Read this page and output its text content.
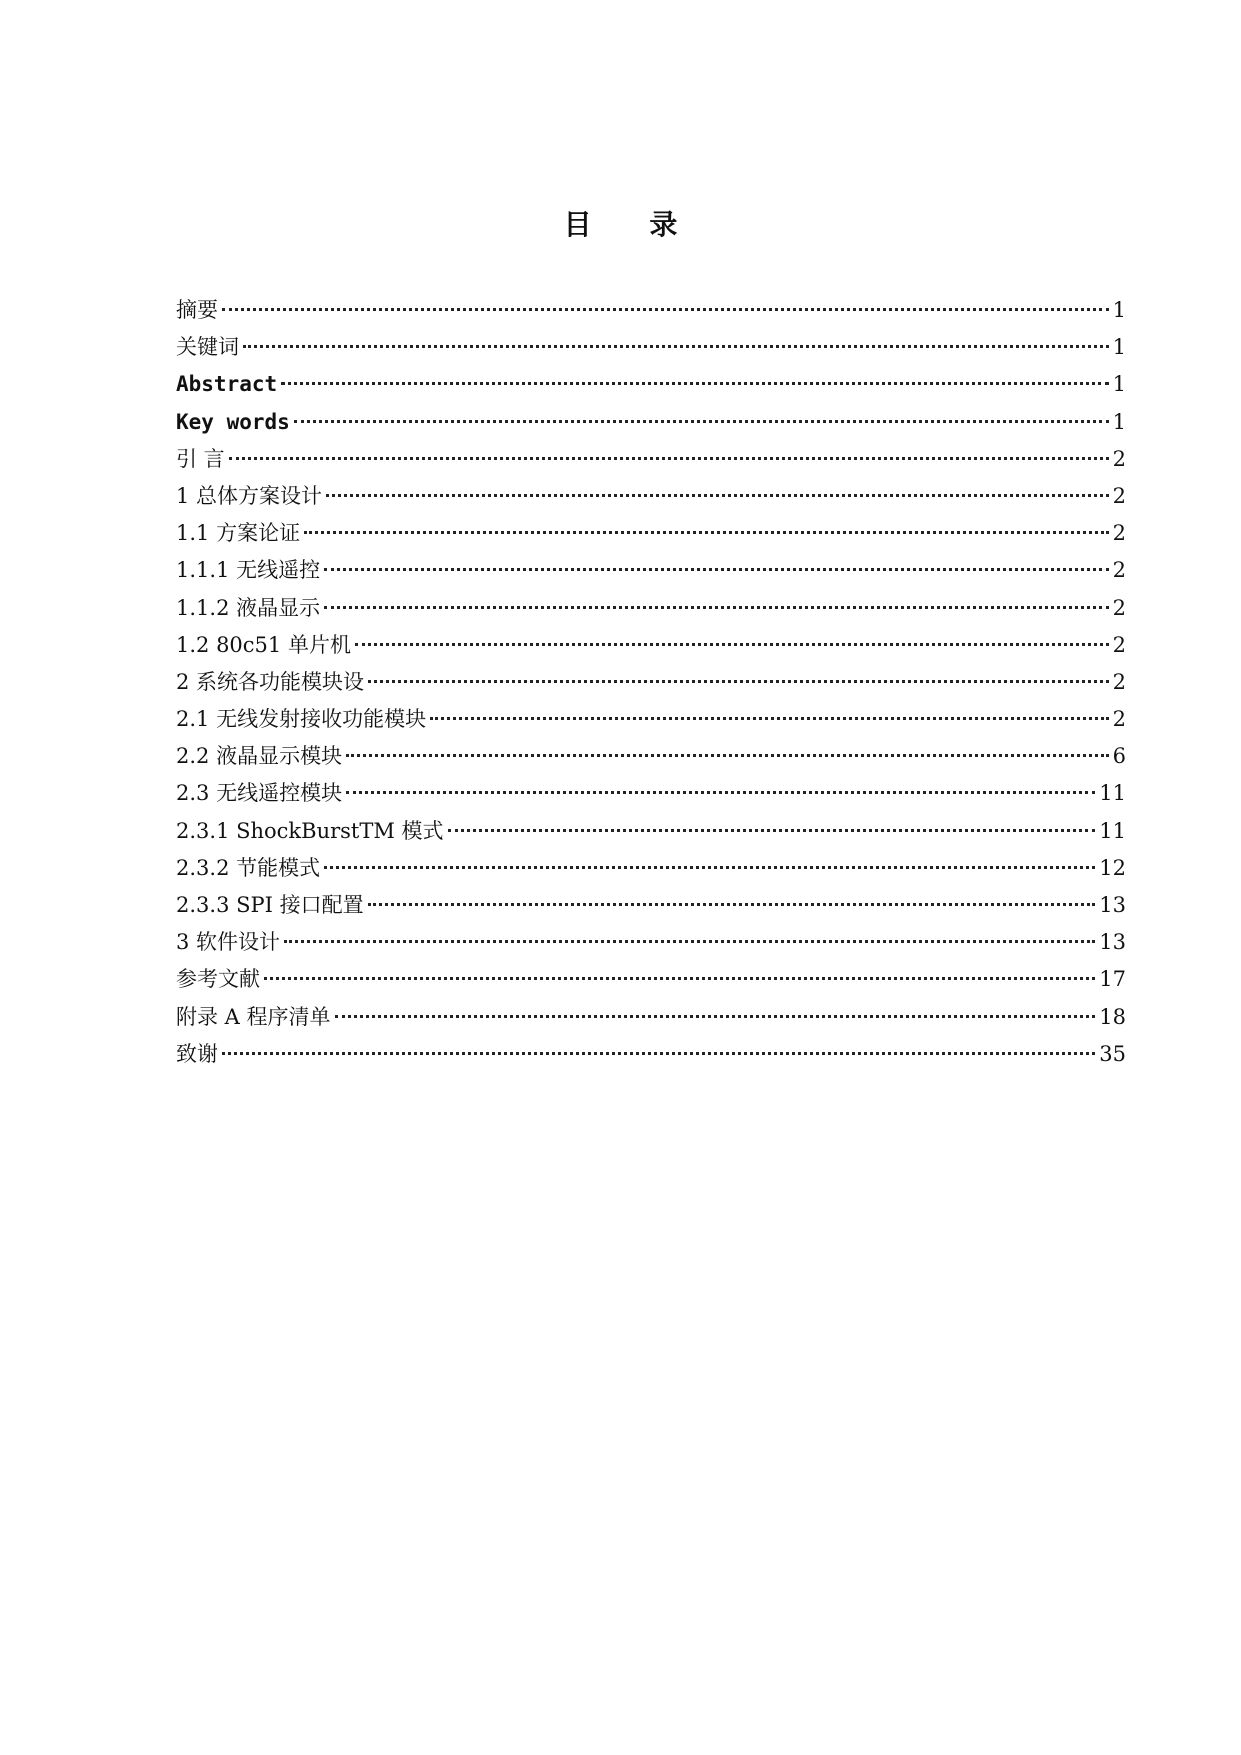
目 录
摘要	1
关键词	1
Abstract	1
Key words	1
引 言	2
1 总体方案设计	2
1.1 方案论证	2
1.1.1 无线遥控	2
1.1.2 液晶显示	2
1.2 80c51 单片机	2
2 系统各功能模块设	2
2.1 无线发射接收功能模块	2
2.2 液晶显示模块	6
2.3 无线遥控模块	11
2.3.1 ShockBurstTM 模式	11
2.3.2 节能模式	12
2.3.3 SPI 接口配置	13
3 软件设计	13
参考文献	17
附录 A 程序清单	18
致谢	35
